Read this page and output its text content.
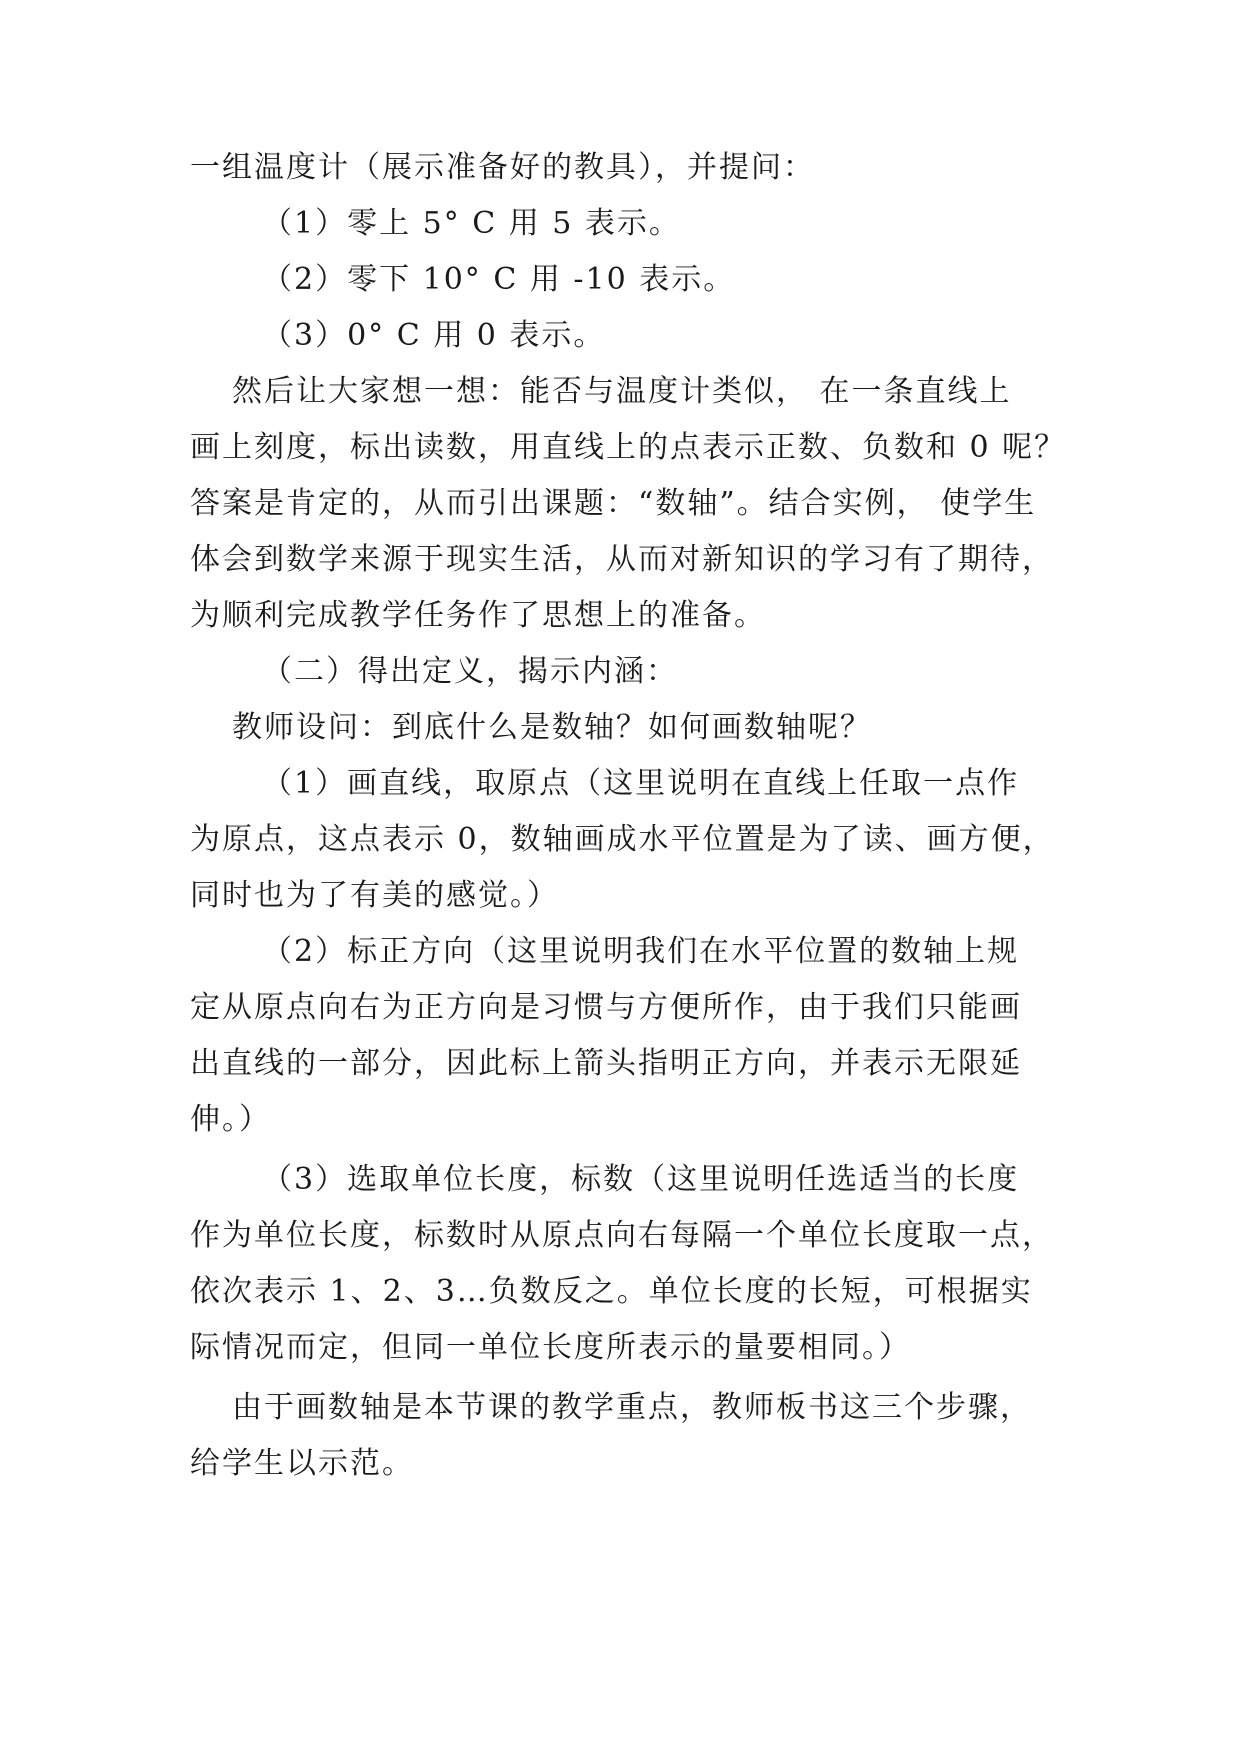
一组温度计（展示准备好的教具），并提问：
（1）零上 5° C 用 5 表示。
（2）零下 10° C 用 -10 表示。
（3）0° C 用 0 表示。
然后让大家想一想：能否与温度计类似， 在一条直线上
画上刻度，标出读数，用直线上的点表示正数、负数和 0 呢？
答案是肯定的，从而引出课题：“数轴”。结合实例， 使学生
体会到数学来源于现实生活，从而对新知识的学习有了期待，
为顺利完成教学任务作了思想上的准备。
（二）得出定义，揭示内涵：
教师设问：到底什么是数轴？如何画数轴呢？
（1）画直线，取原点（这里说明在直线上任取一点作
为原点，这点表示 0，数轴画成水平位置是为了读、画方便，
同时也为了有美的感觉。）
（2）标正方向（这里说明我们在水平位置的数轴上规
定从原点向右为正方向是习惯与方便所作，由于我们只能画
出直线的一部分，因此标上箭头指明正方向，并表示无限延
伸。）
（3）选取单位长度，标数（这里说明任选适当的长度
作为单位长度，标数时从原点向右每隔一个单位长度取一点，
依次表示 1、2、3…负数反之。单位长度的长短，可根据实
际情况而定，但同一单位长度所表示的量要相同。）
由于画数轴是本节课的教学重点，教师板书这三个步骤，
给学生以示范。
